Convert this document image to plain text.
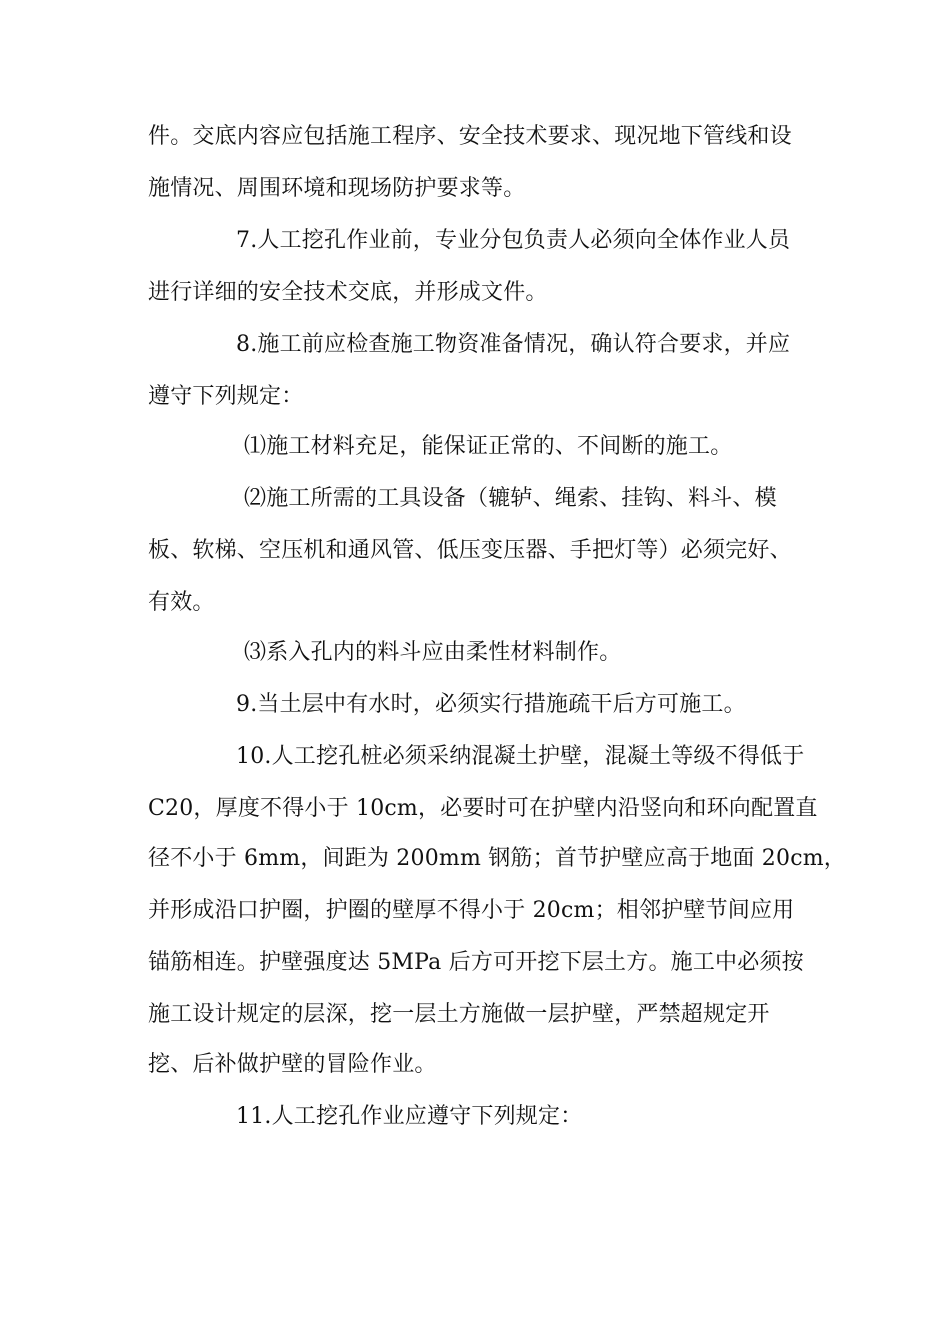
件。交底内容应包括施工程序、安全技术要求、现况地下管线和设
施情况、周围环境和现场防护要求等。
7.人工挖孔作业前，专业分包负责人必须向全体作业人员
进行详细的安全技术交底，并形成文件。
8.施工前应检查施工物资准备情况，确认符合要求，并应
遵守下列规定：
⑴施工材料充足，能保证正常的、不间断的施工。
⑵施工所需的工具设备（辘轳、绳索、挂钩、料斗、模
板、软梯、空压机和通风管、低压变压器、手把灯等）必须完好、
有效。
⑶系入孔内的料斗应由柔性材料制作。
9.当土层中有水时，必须实行措施疏干后方可施工。
10.人工挖孔桩必须采纳混凝土护壁，混凝土等级不得低于
C20，厚度不得小于 10cm，必要时可在护壁内沿竖向和环向配置直
径不小于 6mm，间距为 200mm 钢筋；首节护壁应高于地面 20cm，
并形成沿口护圈，护圈的壁厚不得小于 20cm；相邻护壁节间应用
锚筋相连。护壁强度达 5MPa 后方可开挖下层土方。施工中必须按
施工设计规定的层深，挖一层土方施做一层护壁，严禁超规定开
挖、后补做护壁的冒险作业。
11.人工挖孔作业应遵守下列规定：
